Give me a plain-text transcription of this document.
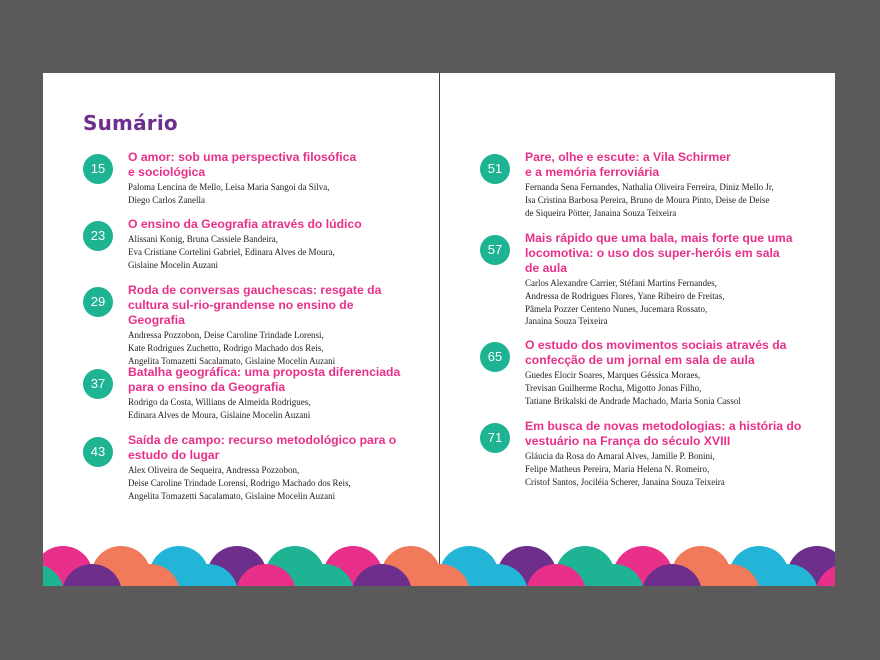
Sumário
15
O amor: sob uma perspectiva filosófica
e sociológica
Paloma Lencina de Mello, Leisa Maria Sangoi da Silva,
Diego Carlos Zanella
23
O ensino da Geografia através do lúdico
Alissani Konig, Bruna Cassiele Bandeira,
Eva Cristiane Cortelini Gabriel, Edinara Alves de Moura,
Gislaine Mocelin Auzani
29
Roda de conversas gauchescas: resgate da
cultura sul-rio-grandense no ensino de Geografia
Andressa Pozzobon, Deise Caroline Trindade Lorensi,
Kate Rodrigues Zuchetto, Rodrigo Machado dos Reis,
Angelita Tomazetti Sacalamato, Gislaine Mocelin Auzani
37
Batalha geográfica: uma proposta diferenciada
para o ensino da Geografia
Rodrigo da Costa, Willians de Almeida Rodrigues,
Edinara Alves de Moura, Gislaine Mocelin Auzani
43
Saída de campo: recurso metodológico para o
estudo do lugar
Alex Oliveira de Sequeira, Andressa Pozzobon,
Deise Caroline Trindade Lorensi, Rodrigo Machado dos Reis,
Angelita Tomazetti Sacalamato, Gislaine Mocelin Auzani
51
Pare, olhe e escute: a Vila Schirmer
e a memória ferroviária
Fernanda Sena Fernandes, Nathalia Oliveira Ferreira, Diniz Mello Jr,
Isa Cristina Barbosa Pereira, Bruno de Moura Pinto, Deise de Deise
de Siqueira Pötter, Janaina Souza Teixeira
57
Mais rápido que uma bala, mais forte que uma
locomotiva: o uso dos super-heróis em sala
de aula
Carlos Alexandre Carrier, Stéfani Martins Fernandes,
Andressa de Rodrigues Flores, Yane Ribeiro de Freitas,
Pâmela Pozzer Centeno Nunes, Jucemara Rossato,
Janaina Souza Teixeira
65
O estudo dos movimentos sociais através da
confecção de um jornal em sala de aula
Guedes Elocir Soares, Marques Géssica Moraes,
Trevisan Guilherme Rocha, Migotto Jonas Filho,
Tatiane Brikalski de Andrade Machado, Maria Sonia Cassol
71
Em busca de novas metodologias: a história do
vestuário na França do século XVIII
Gláucia da Rosa do Amaral Alves, Jamille P. Bonini,
Felipe Matheus Pereira, Maria Helena N. Romeiro,
Cristof Santos, Jociléia Scherer, Janaina Souza Teixeira
